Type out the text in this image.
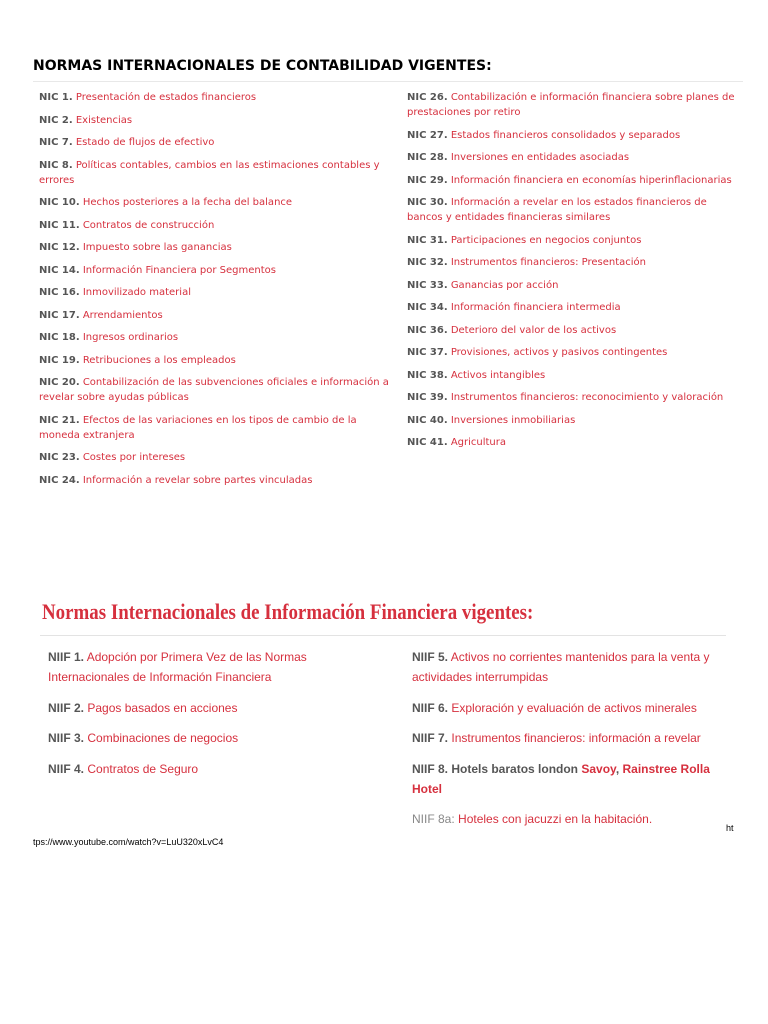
NORMAS INTERNACIONALES DE CONTABILIDAD VIGENTES:
NIC 1. Presentación de estados financieros
NIC 2. Existencias
NIC 7. Estado de flujos de efectivo
NIC 8. Políticas contables, cambios en las estimaciones contables y errores
NIC 10. Hechos posteriores a la fecha del balance
NIC 11. Contratos de construcción
NIC 12. Impuesto sobre las ganancias
NIC 14. Información Financiera por Segmentos
NIC 16. Inmovilizado material
NIC 17. Arrendamientos
NIC 18. Ingresos ordinarios
NIC 19. Retribuciones a los empleados
NIC 20. Contabilización de las subvenciones oficiales e información a revelar sobre ayudas públicas
NIC 21. Efectos de las variaciones en los tipos de cambio de la moneda extranjera
NIC 23. Costes por intereses
NIC 24. Información a revelar sobre partes vinculadas
NIC 26. Contabilización e información financiera sobre planes de prestaciones por retiro
NIC 27. Estados financieros consolidados y separados
NIC 28. Inversiones en entidades asociadas
NIC 29. Información financiera en economías hiperinflacionarias
NIC 30. Información a revelar en los estados financieros de bancos y entidades financieras similares
NIC 31. Participaciones en negocios conjuntos
NIC 32. Instrumentos financieros: Presentación
NIC 33. Ganancias por acción
NIC 34. Información financiera intermedia
NIC 36. Deterioro del valor de los activos
NIC 37. Provisiones, activos y pasivos contingentes
NIC 38. Activos intangibles
NIC 39. Instrumentos financieros: reconocimiento y valoración
NIC 40. Inversiones inmobiliarias
NIC 41. Agricultura
Normas Internacionales de Información Financiera vigentes:
NIIF 1. Adopción por Primera Vez de las Normas Internacionales de Información Financiera
NIIF 2. Pagos basados en acciones
NIIF 3. Combinaciones de negocios
NIIF 4. Contratos de Seguro
NIIF 5. Activos no corrientes mantenidos para la venta y actividades interrumpidas
NIIF 6. Exploración y evaluación de activos minerales
NIIF 7. Instrumentos financieros: información a revelar
NIIF 8. Hotels baratos london Savoy, Rainstree Rolla Hotel
NIIF 8a: Hoteles con jacuzzi en la habitación.
ht
tps://www.youtube.com/watch?v=LuU320xLvC4
